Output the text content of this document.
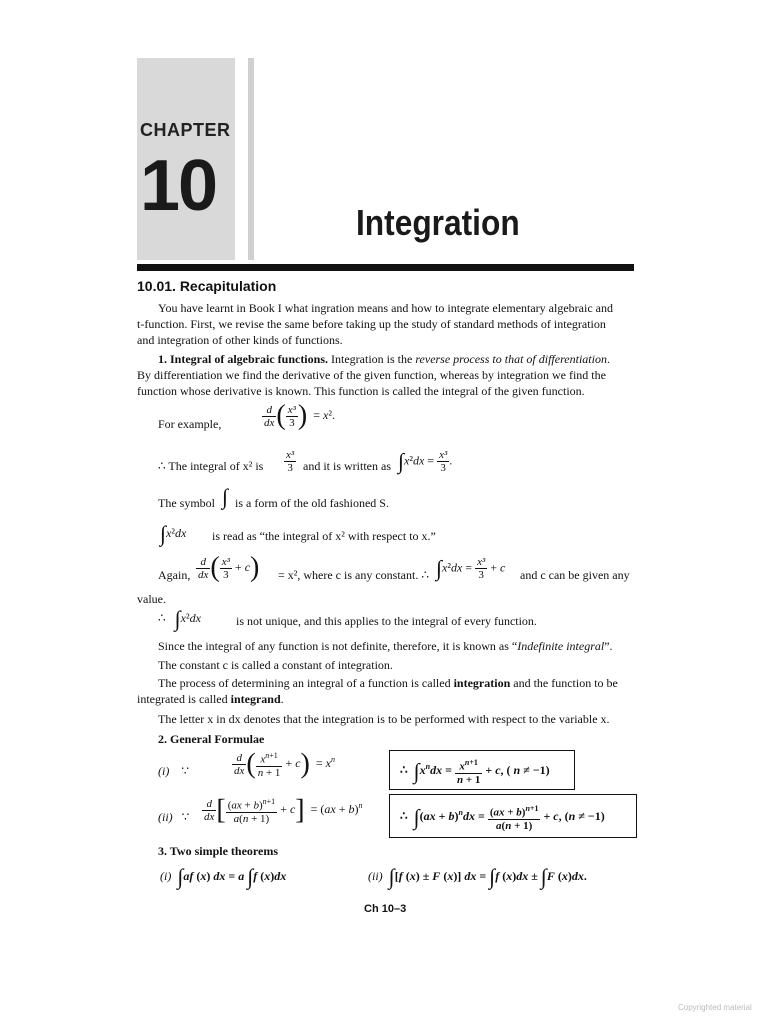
CHAPTER
10	Integration
10.01. Recapitulation
You have learnt in Book I what ingration means and how to integrate elementary algebraic and
t-function. First, we revise the same before taking up the study of standard methods of integration
and integration of other kinds of functions.
1. Integral of algebraic functions. Integration is the reverse process to that of differentiation.
By differentiation we find the derivative of the given function, whereas by integration we find the
function whose derivative is known. This function is called the integral of the given function.
For example,	$\frac{d}{dx}$ ( $\frac{\text{x³}}{3}$ )  = x².
∴ The integral of x² is $\frac{\text{x³}}{3}$ and it is written as $\int x^2dx = \frac{\text{x³}}{3}$ .
The symbol ∫ is a form of the old fashioned S.
∫x²dx is read as “the integral of x² with respect to x.”
Again, $\frac{d}{dx}$ ( $\frac{\text{x³}}{3} + c) = x^2$, where c is any constant. ∴ $\int x^2dx = \frac{\text{x³}}{3} + c$
and c can be given any
value.
∴   ∫x²dx	is not unique, and this applies to the integral of every function.
Since the integral of any function is not definite, therefore, it is known as “Indefinite integral”.
The constant c is called a constant of integration.
The process of determining an integral of a function is called integration and the function to be
integrated is called integrand.
The letter x in dx denotes that the integration is to be performed with respect to the variable x.
2. General Formulae
(i)    ∵	$\frac{d}{dx}$ ( $\frac{x^{n+1}}{n + 1} + c) = x^n$
∴  $\int x^ndx = \frac{x^{n+1}}{n + 1} + c$, ( n ≠ −1)
(ii)   ∵ $\frac{d}{dx}$ [ $\frac{(ax + b)^{n+1}}{a(n + 1)} + c] = (ax + b)^n$
∴  $\int(ax + b)^ndx = \frac{(ax + b)^{n+1}}{a(n + 1)} + c$, (n ≠ −1)
3. Two simple theorems
(i) ∫af (x) dx = a ∫f (x)dx	(ii) ∫[f (x) ± F (x)] dx = ∫f (x)dx ± ∫F (x)dx.
Ch 10–3
Copyrighted material
